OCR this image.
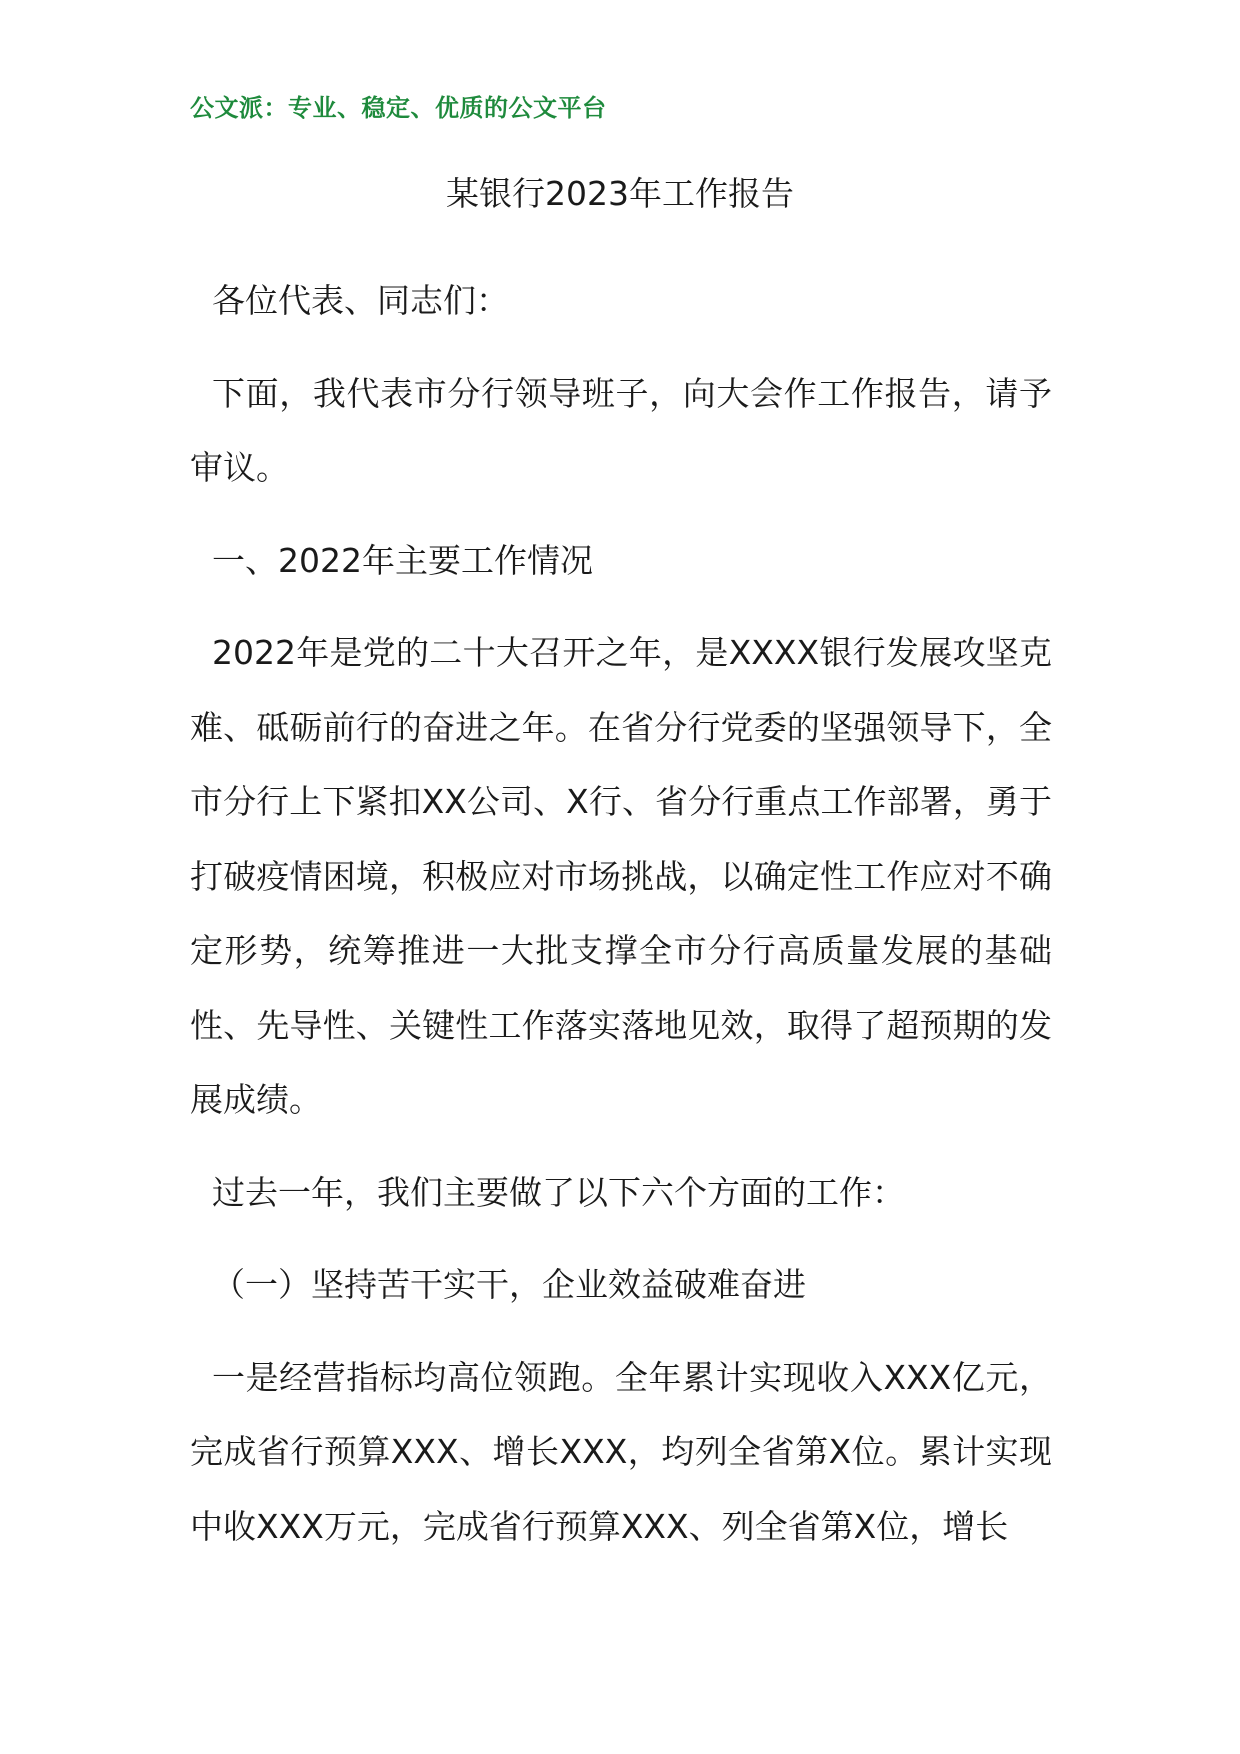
公文派：专业、稳定、优质的公文平台
某银行2023年工作报告

各位代表、同志们：

下面，我代表市分行领导班子，向大会作工作报告，请予审议。

一、2022年主要工作情况

2022年是党的二十大召开之年，是XXXX银行发展攻坚克难、砥砺前行的奋进之年。在省分行党委的坚强领导下，全市分行上下紧扣XX公司、X行、省分行重点工作部署，勇于打破疫情困境，积极应对市场挑战，以确定性工作应对不确定形势，统筹推进一大批支撑全市分行高质量发展的基础性、先导性、关键性工作落实落地见效，取得了超预期的发展成绩。

过去一年，我们主要做了以下六个方面的工作：

（一）坚持苦干实干，企业效益破难奋进

一是经营指标均高位领跑。全年累计实现收入XXX亿元，完成省行预算XXX、增长XXX，均列全省第X位。累计实现中收XXX万元，完成省行预算XXX、列全省第X位，增长
